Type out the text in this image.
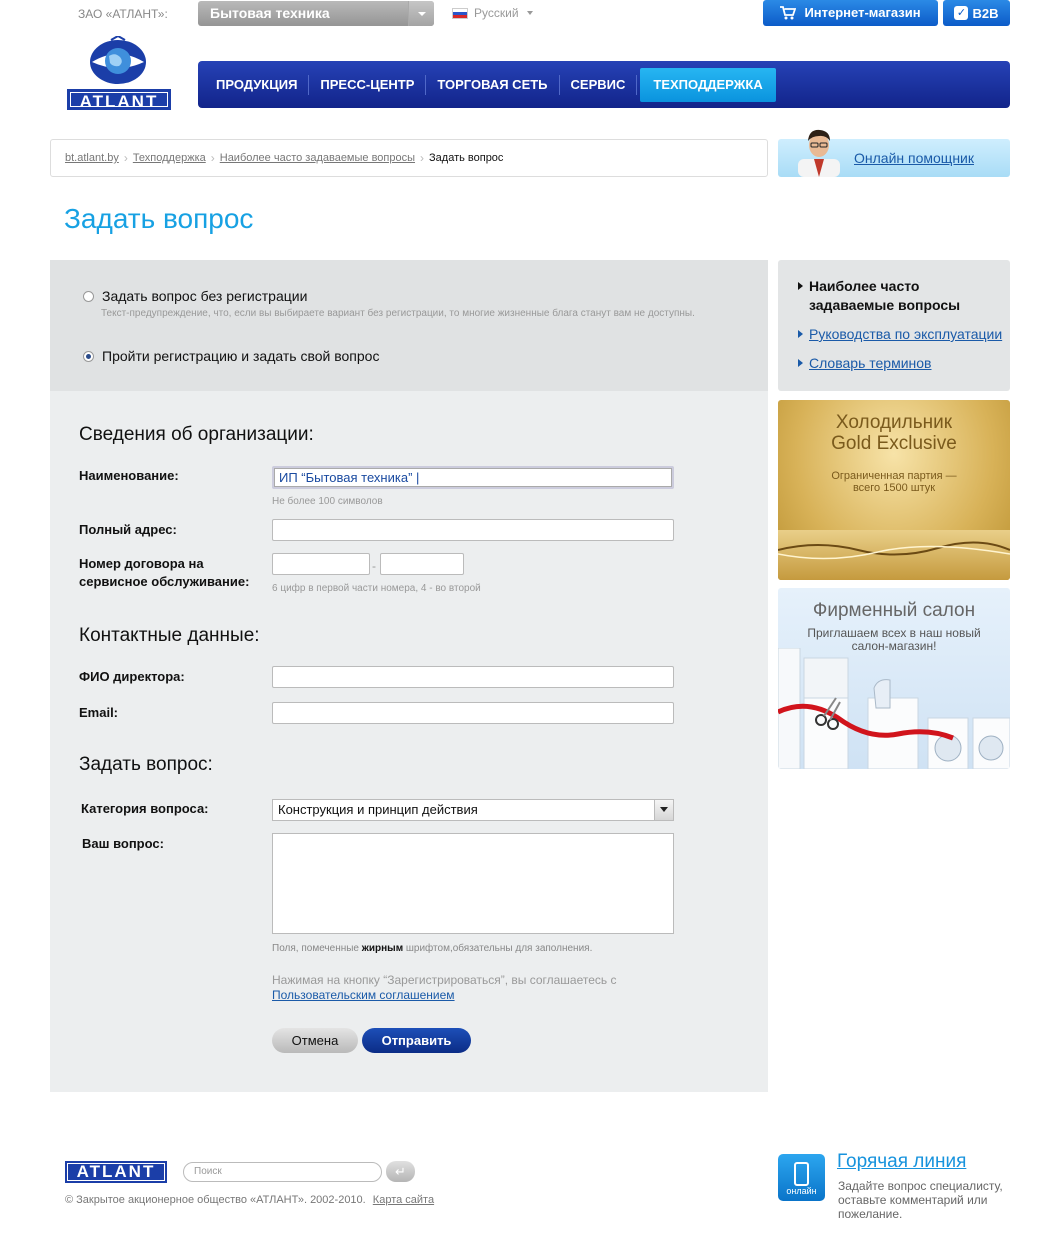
ЗАО «АТЛАНТ»:	Бытовая техника	Русский	Интернет-магазин	✓ B2B
ATLANT
ПРОДУКЦИЯ	ПРЕСС-ЦЕНТР	ТОРГОВАЯ СЕТЬ	СЕРВИС	ТЕХПОДДЕРЖКА
bt.atlant.by › Техподдержка › Наиболее часто задаваемые вопросы › Задать вопрос	Онлайн помощник
Задать вопрос
Задать вопрос без регистрации
Текст-предупреждение, что, если вы выбираете вариант без регистрации, то многие жизненные блага станут вам не доступны.
Пройти регистрацию и задать свой вопрос
Сведения об организации:
Наименование:	ИП “Бытовая техника” |
Не более 100 символов
Полный адрес:
Номер договора на сервисное обслуживание:
-
6 цифр в первой части номера, 4 - во второй
Контактные данные:
ФИО директора:
Email:
Задать вопрос:
Категория вопроса:	Конструкция и принцип действия
Ваш вопрос:
Поля, помеченные жирным шрифтом,обязательны для заполнения.
Нажимая на кнопку “Зарегистрироваться”, вы соглашаетесь с
Пользовательским соглашением
Отмена	Отправить
Наиболее часто задаваемые вопросы
Руководства по эксплуатации
Словарь терминов
Холодильник
Gold Exclusive
Ограниченная партия —
всего 1500 штук
Фирменный салон
Приглашаем всех в наш новый
салон-магазин!
ATLANT	Поиск	↵
© Закрытое акционерное общество «АТЛАНТ». 2002-2010. Карта сайта
онлайн
Горячая линия
Задайте вопрос специалисту, оставьте комментарий или пожелание.
